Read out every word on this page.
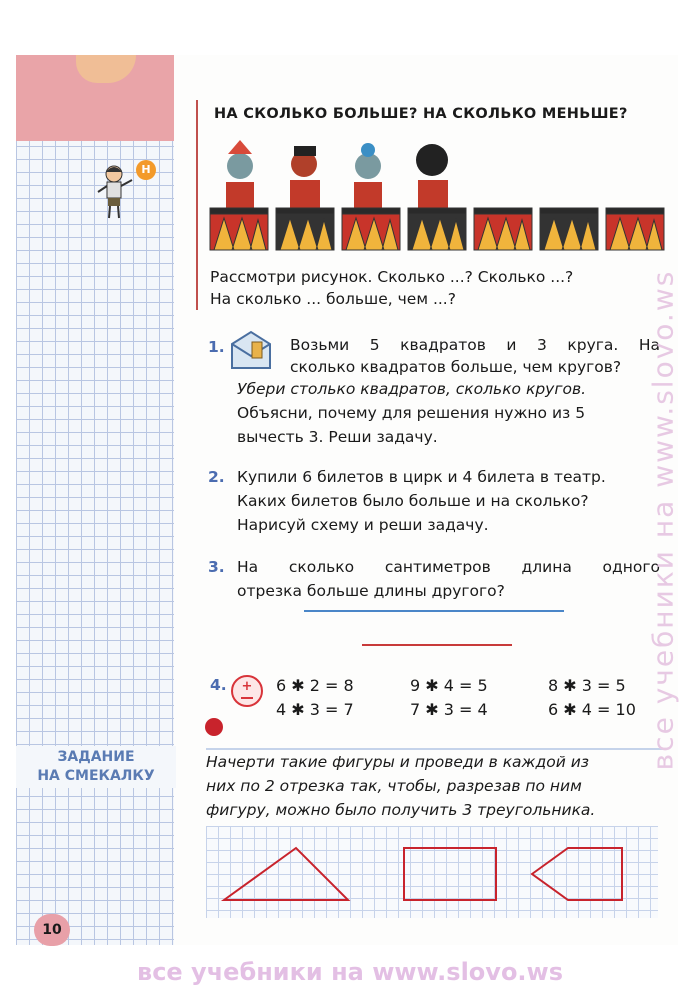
Н
НА СКОЛЬКО БОЛЬШЕ? НА СКОЛЬКО МЕНЬШЕ?
Рассмотри рисунок. Сколько ...? Сколько ...?
На сколько ... больше, чем ...?
1.	Возьми 5 квадратов и 3 круга. На
сколько квадратов больше, чем кругов?
Убери столько квадратов, сколько кругов.
Объясни, почему для решения нужно из 5
вычесть 3. Реши задачу.
2. Купили 6 билетов в цирк и 4 билета в театр.
Каких билетов было больше и на сколько?
Нарисуй схему и реши задачу.
3. На сколько сантиметров длина одного
отрезка больше длины другого?
4. + 6 ✱ 2 = 8	9 ✱ 4 = 5	8 ✱ 3 = 5
4 ✱ 3 = 7	7 ✱ 3 = 4	6 ✱ 4 = 10
ЗАДАНИЕ
НА СМЕКАЛКУ
Начерти такие фигуры и проведи в каждой из
них по 2 отрезка так, чтобы, разрезав по ним
фигуру, можно было получить 3 треугольника.
10
все учебники на www.slovo.ws
все учебники на www.slovo.ws
